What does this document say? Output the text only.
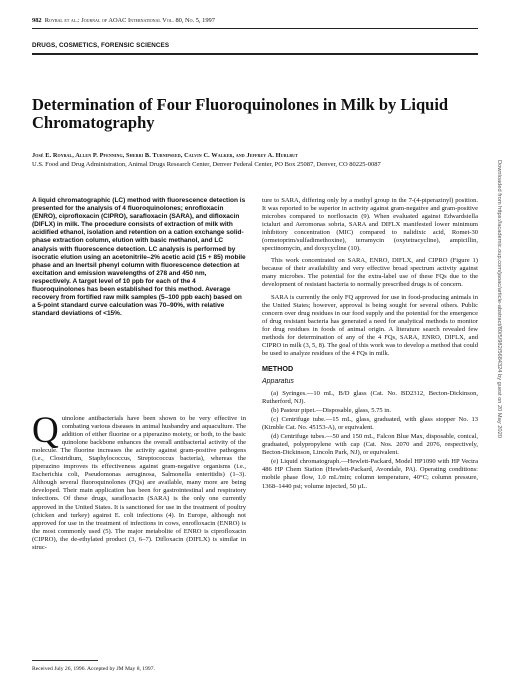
982 Roybal et al.: Journal of AOAC International Vol. 80, No. 5, 1997
DRUGS, COSMETICS, FORENSIC SCIENCES
Determination of Four Fluoroquinolones in Milk by Liquid Chromatography
José E. Roybal, Allen P. Pfenning, Sherri B. Turnipseed, Calvin C. Walker, and Jeffrey A. Hurlbut
U.S. Food and Drug Administration, Animal Drugs Research Center, Denver Federal Center, PO Box 25087, Denver, CO 80225-0087
A liquid chromatographic (LC) method with fluorescence detection is presented for the analysis of 4 fluoroquinolones; enrofloxacin (ENRO), ciprofloxacin (CIPRO), sarafloxacin (SARA), and difloxacin (DIFLX) in milk. The procedure consists of extraction of milk with acidified ethanol, isolation and retention on a cation exchange solid-phase extraction column, elution with basic methanol, and LC analysis with fluorescence detection. LC analysis is performed by isocratic elution using an acetonitrile–2% acetic acid (15 + 85) mobile phase and an Inertsil phenyl column with fluorescence detection at excitation and emission wavelengths of 278 and 450 nm, respectively. A target level of 10 ppb for each of the 4 fluoroquinolones has been established for this method. Average recovery from fortified raw milk samples (5–100 ppb each) based on a 5-point standard curve calculation was 70–90%, with relative standard deviations of <15%.
Q uinolone antibacterials have been shown to be very effective in combating various diseases in animal husbandry and aquaculture. The addition of either fluorine or a piperazino moiety, or both, to the basic quinolone backbone enhances the overall antibacterial activity of the molecule. The fluorine increases the activity against gram-positive pathogens (i.e., Clostridium, Staphylococcus, Streptococcus bacteria), whereas the piperazino improves its effectiveness against gram-negative organisms (i.e., Escherichia coli, Pseudomonas aeruginosa, Salmonella enteritidis) (1–3). Although several fluoroquinolones (FQs) are available, many more are being developed. Their main application has been for gastrointestinal and respiratory infections. Of these drugs, sarafloxacin (SARA) is the only one currently approved in the United States. It is sanctioned for use in the treatment of poultry (chicken and turkey) against E. coli infections (4). In Europe, although not approved for use in the treatment of infections in cows, enrofloxacin (ENRO) is the most commonly used (5). The major metabolite of ENRO is ciprofloxacin (CIPRO), the de-ethylated product (3, 6–7). Difloxacin (DIFLX) is similar in struc-

ture to SARA, differing only by a methyl group in the 7-(4-piperazinyl) position. It was reported to be superior in activity against gram-negative and gram-positive microbes compared to norfloxacin (9). When evaluated against Edwardsiella ictaluri and Aeromonas sobria, SARA and DIFLX manifested lower minimum inhibitory concentration (MIC) compared to nalidixic acid, Romet-30 (ormetoprim/sulfadimethoxine), terramycin (oxytetracycline), ampicillin, spectinomycin, and doxycycline (10).

This work concentrated on SARA, ENRO, DIFLX, and CIPRO (Figure 1) because of their availability and very effective broad spectrum activity against many microbes. The potential for the extra-label use of these FQs due to the development of resistant bacteria to normally prescribed drugs is of concern.

SARA is currently the only FQ approved for use in food-producing animals in the United States; however, approval is being sought for several others. Public concern over drug residues in our food supply and the potential for the emergence of drug resistant bacteria has generated a need for analytical methods to monitor for drug residues in foods of animal origin. A literature search revealed few methods for determination of any of the 4 FQs, SARA, ENRO, DIFLX, and CIPRO in milk (3, 5, 8). The goal of this work was to develop a method that could be used to analyze residues of the 4 FQs in milk.

METHOD
Apparatus

(a) Syringes.—10 mL, B/D glass (Cat. No. BD2312, Becton-Dickinson, Rutherford, NJ).

(b) Pasteur pipet.—Disposable, glass, 5.75 in.

(c) Centrifuge tube.—15 mL, glass, graduated, with glass stopper No. 13 (Kimble Cat. No. 45153-A), or equivalent.

(d) Centrifuge tubes.—50 and 150 mL, Falcon Blue Max, disposable, conical, graduated, polypropylene with cap (Cat. Nos. 2070 and 2076, respectively, Becton-Dickinson, Lincoln Park, NJ), or equivalent.

(e) Liquid chromatograph.—Hewlett-Packard, Model HP1090 with HP Vectra 486 HP Chem Station (Hewlett-Packard, Avondale, PA). Operating conditions: mobile phase flow, 1.0 mL/min; column temperature, 40°C; column pressure, 1368–1440 psi; volume injected, 50 µL.

Received July 26, 1996. Accepted by JM May 8, 1997.
Downloaded from https://academic.oup.com/jaoac/article-abstract/80/5/982/5684324 by guest on 20 May 2020
